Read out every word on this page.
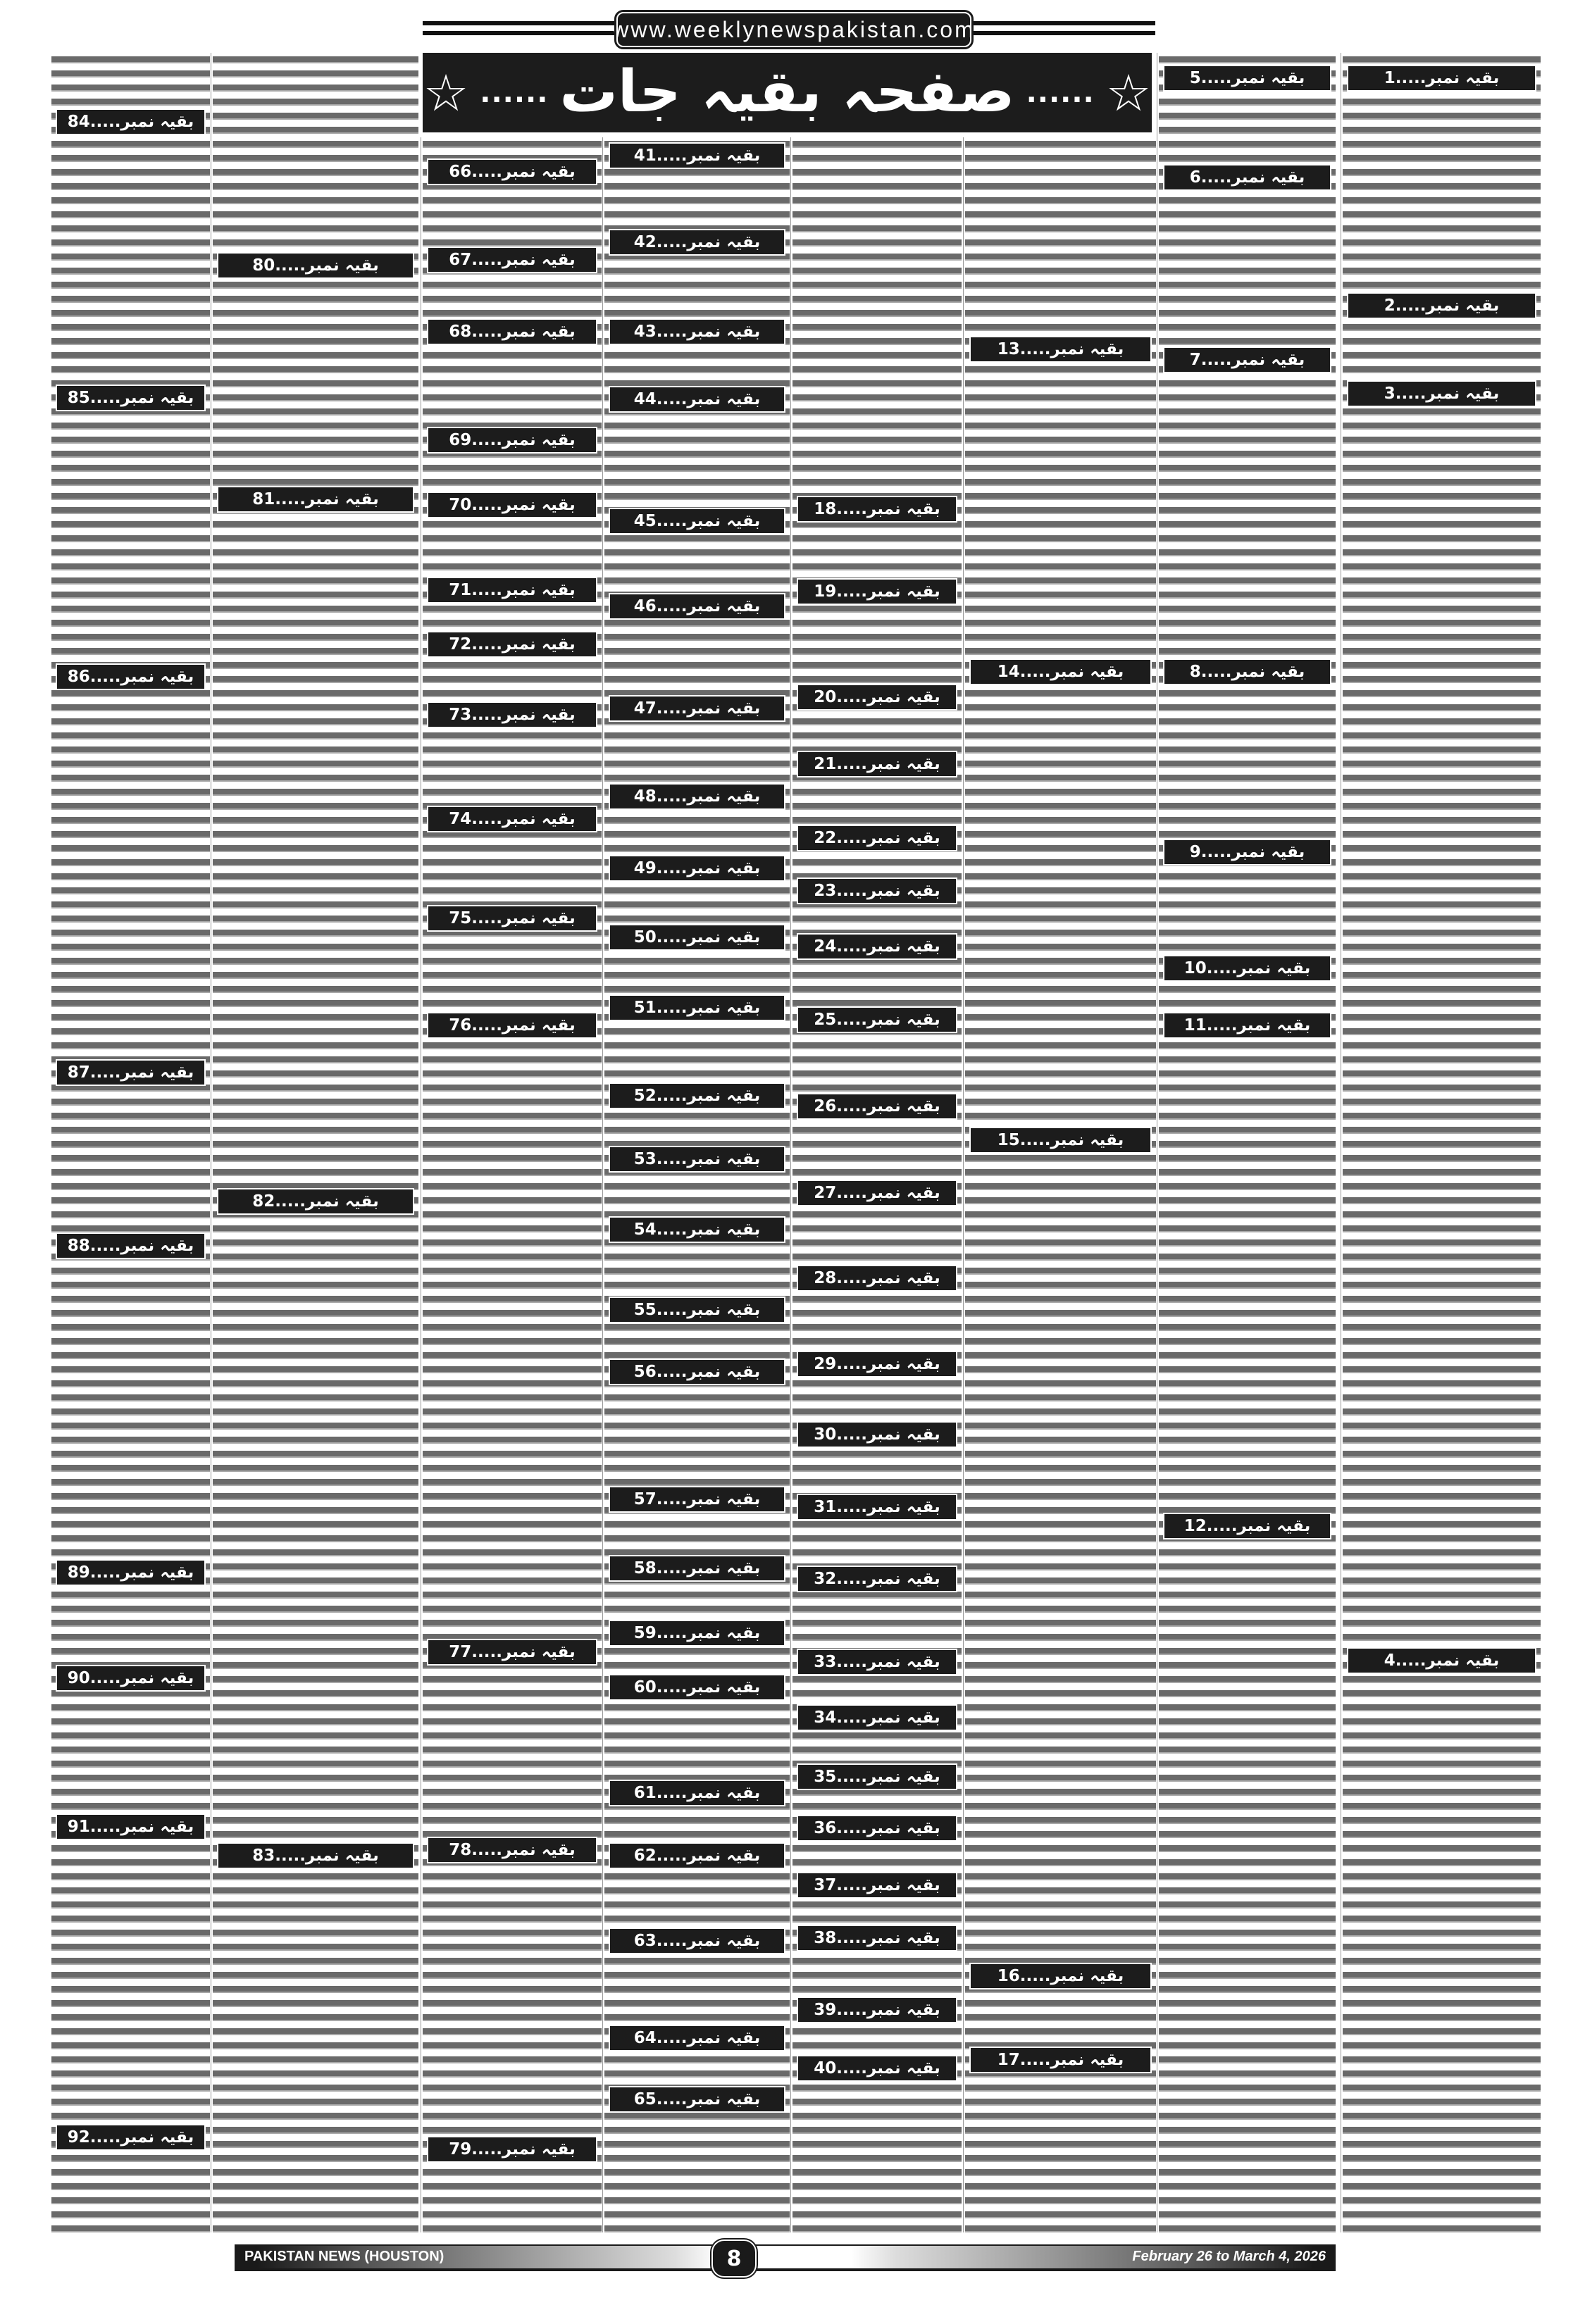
www.weeklynewspakistan.com
☆ ...... صفحہ بقیہ جات ...... ☆
بقیہ نمبر.....84
بقیہ نمبر.....85
بقیہ نمبر.....86
بقیہ نمبر.....87
بقیہ نمبر.....88
بقیہ نمبر.....89
بقیہ نمبر.....90
بقیہ نمبر.....91
بقیہ نمبر.....92
بقیہ نمبر.....80
بقیہ نمبر.....81
بقیہ نمبر.....82
بقیہ نمبر.....83
بقیہ نمبر.....66
بقیہ نمبر.....67
بقیہ نمبر.....68
بقیہ نمبر.....69
بقیہ نمبر.....70
بقیہ نمبر.....71
بقیہ نمبر.....72
بقیہ نمبر.....73
بقیہ نمبر.....74
بقیہ نمبر.....75
بقیہ نمبر.....76
بقیہ نمبر.....77
بقیہ نمبر.....78
بقیہ نمبر.....79
بقیہ نمبر.....41
بقیہ نمبر.....42
بقیہ نمبر.....43
بقیہ نمبر.....44
بقیہ نمبر.....45
بقیہ نمبر.....46
بقیہ نمبر.....47
بقیہ نمبر.....48
بقیہ نمبر.....49
بقیہ نمبر.....50
بقیہ نمبر.....51
بقیہ نمبر.....52
بقیہ نمبر.....53
بقیہ نمبر.....54
بقیہ نمبر.....55
بقیہ نمبر.....56
بقیہ نمبر.....57
بقیہ نمبر.....58
بقیہ نمبر.....59
بقیہ نمبر.....60
بقیہ نمبر.....61
بقیہ نمبر.....62
بقیہ نمبر.....63
بقیہ نمبر.....64
بقیہ نمبر.....65
بقیہ نمبر.....18
بقیہ نمبر.....19
بقیہ نمبر.....20
بقیہ نمبر.....21
بقیہ نمبر.....22
بقیہ نمبر.....23
بقیہ نمبر.....24
بقیہ نمبر.....25
بقیہ نمبر.....26
بقیہ نمبر.....27
بقیہ نمبر.....28
بقیہ نمبر.....29
بقیہ نمبر.....30
بقیہ نمبر.....31
بقیہ نمبر.....32
بقیہ نمبر.....33
بقیہ نمبر.....34
بقیہ نمبر.....35
بقیہ نمبر.....36
بقیہ نمبر.....37
بقیہ نمبر.....38
بقیہ نمبر.....39
بقیہ نمبر.....40
بقیہ نمبر.....13
بقیہ نمبر.....14
بقیہ نمبر.....15
بقیہ نمبر.....16
بقیہ نمبر.....17
بقیہ نمبر.....5
بقیہ نمبر.....6
بقیہ نمبر.....7
بقیہ نمبر.....8
بقیہ نمبر.....9
بقیہ نمبر.....10
بقیہ نمبر.....11
بقیہ نمبر.....12
بقیہ نمبر.....1
بقیہ نمبر.....2
بقیہ نمبر.....3
بقیہ نمبر.....4
PAKISTAN NEWS (HOUSTON)	February 26 to March 4, 2026
8
